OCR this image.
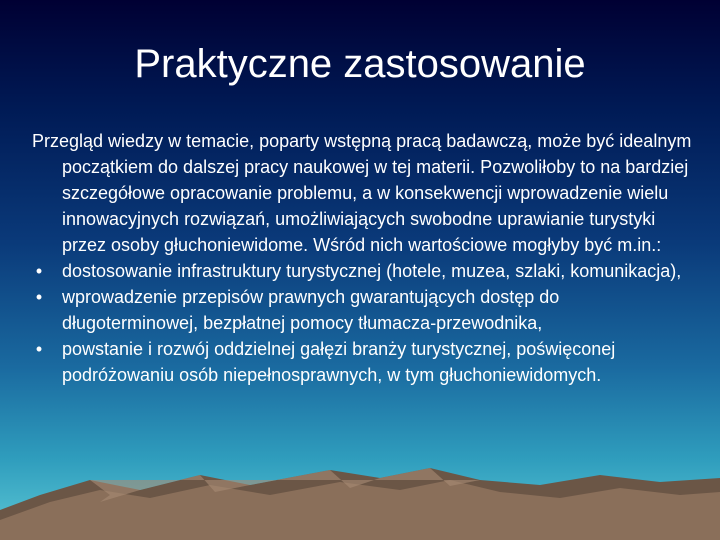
Praktyczne zastosowanie

Przegląd wiedzy w temacie, poparty wstępną pracą badawczą, może być idealnym początkiem do dalszej pracy naukowej w tej materii. Pozwoliłoby to na bardziej szczegółowe opracowanie problemu, a w konsekwencji wprowadzenie wielu innowacyjnych rozwiązań, umożliwiających swobodne uprawianie turystyki przez osoby głuchoniewidome. Wśród nich wartościowe mogłyby być m.in.:

• dostosowanie infrastruktury turystycznej (hotele, muzea, szlaki, komunikacja),
• wprowadzenie przepisów prawnych gwarantujących dostęp do długoterminowej, bezpłatnej pomocy tłumacza-przewodnika,
• powstanie i rozwój oddzielnej gałęzi branży turystycznej, poświęconej podróżowaniu osób niepełnosprawnych, w tym głuchoniewidomych.
